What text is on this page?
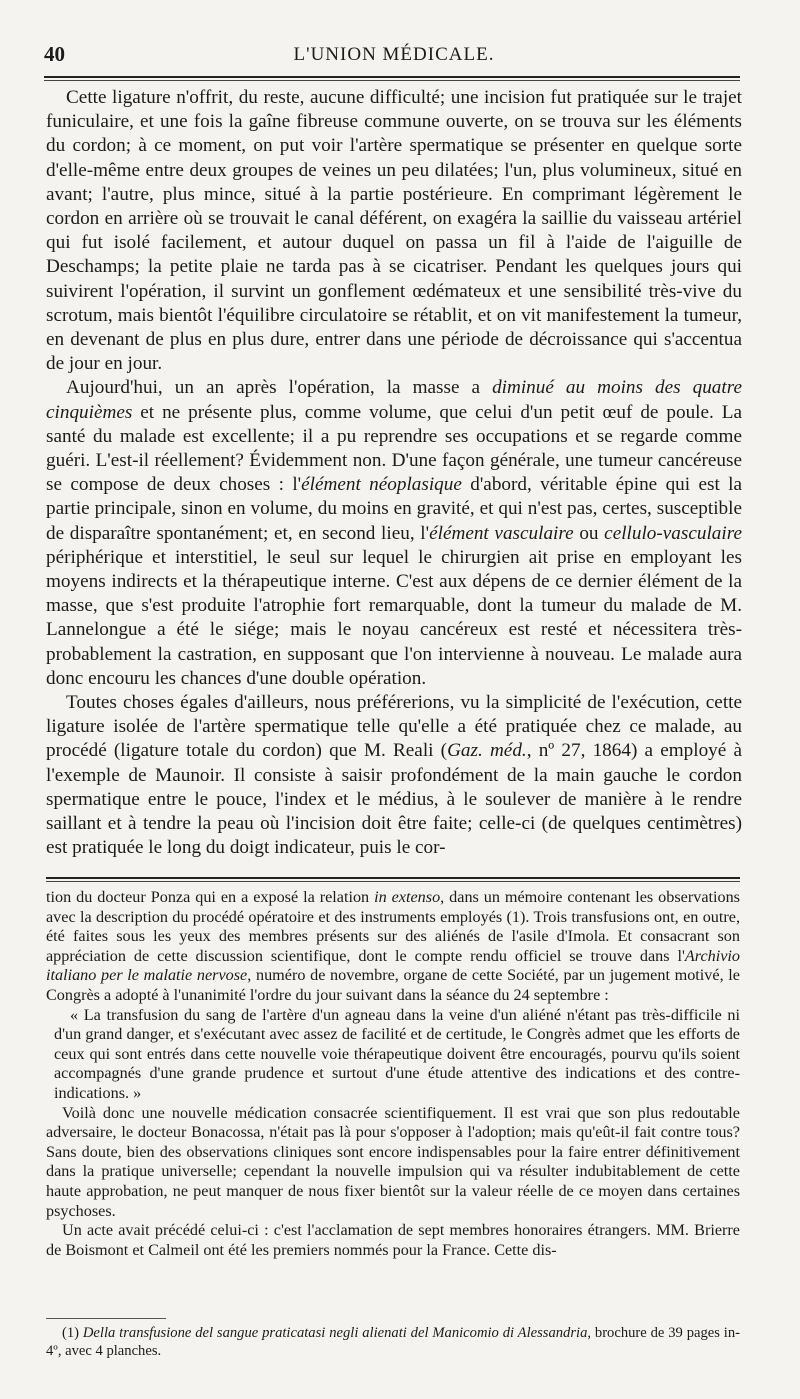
40	L'UNION MÉDICALE.

Cette ligature n'offrit, du reste, aucune difficulté; une incision fut pratiquée sur le trajet funiculaire, et une fois la gaîne fibreuse commune ouverte, on se trouva sur les éléments du cordon; à ce moment, on put voir l'artère spermatique se présenter en quelque sorte d'elle-même entre deux groupes de veines un peu dilatées; l'un, plus volumineux, situé en avant; l'autre, plus mince, situé à la partie postérieure. En comprimant légèrement le cordon en arrière où se trouvait le canal déférent, on exagéra la saillie du vaisseau artériel qui fut isolé facilement, et autour duquel on passa un fil à l'aide de l'aiguille de Deschamps; la petite plaie ne tarda pas à se cicatriser. Pendant les quelques jours qui suivirent l'opération, il survint un gonflement œdémateux et une sensibilité très-vive du scrotum, mais bientôt l'équilibre circulatoire se rétablit, et on vit manifestement la tumeur, en devenant de plus en plus dure, entrer dans une période de décroissance qui s'accentua de jour en jour.

Aujourd'hui, un an après l'opération, la masse a diminué au moins des quatre cinquièmes et ne présente plus, comme volume, que celui d'un petit œuf de poule. La santé du malade est excellente; il a pu reprendre ses occupations et se regarde comme guéri. L'est-il réellement? Évidemment non. D'une façon générale, une tumeur cancéreuse se compose de deux choses : l'élément néoplasique d'abord, véritable épine qui est la partie principale, sinon en volume, du moins en gravité, et qui n'est pas, certes, susceptible de disparaître spontanément; et, en second lieu, l'élément vasculaire ou cellulo-vasculaire périphérique et interstitiel, le seul sur lequel le chirurgien ait prise en employant les moyens indirects et la thérapeutique interne. C'est aux dépens de ce dernier élément de la masse, que s'est produite l'atrophie fort remarquable, dont la tumeur du malade de M. Lannelongue a été le siége; mais le noyau cancéreux est resté et nécessitera très-probablement la castration, en supposant que l'on intervienne à nouveau. Le malade aura donc encouru les chances d'une double opération.

Toutes choses égales d'ailleurs, nous préférerions, vu la simplicité de l'exécution, cette ligature isolée de l'artère spermatique telle qu'elle a été pratiquée chez ce malade, au procédé (ligature totale du cordon) que M. Reali (Gaz. méd., nº 27, 1864) a employé à l'exemple de Maunoir. Il consiste à saisir profondément de la main gauche le cordon spermatique entre le pouce, l'index et le médius, à le soulever de manière à le rendre saillant et à tendre la peau où l'incision doit être faite; celle-ci (de quelques centimètres) est pratiquée le long du doigt indicateur, puis le cor-

tion du docteur Ponza qui en a exposé la relation in extenso, dans un mémoire contenant les observations avec la description du procédé opératoire et des instruments employés (1). Trois transfusions ont, en outre, été faites sous les yeux des membres présents sur des aliénés de l'asile d'Imola. Et consacrant son appréciation de cette discussion scientifique, dont le compte rendu officiel se trouve dans l'Archivio italiano per le malatie nervose, numéro de novembre, organe de cette Société, par un jugement motivé, le Congrès a adopté à l'unanimité l'ordre du jour suivant dans la séance du 24 septembre :

« La transfusion du sang de l'artère d'un agneau dans la veine d'un aliéné n'étant pas très-difficile ni d'un grand danger, et s'exécutant avec assez de facilité et de certitude, le Congrès admet que les efforts de ceux qui sont entrés dans cette nouvelle voie thérapeutique doivent être encouragés, pourvu qu'ils soient accompagnés d'une grande prudence et surtout d'une étude attentive des indications et des contre-indications. »

Voilà donc une nouvelle médication consacrée scientifiquement. Il est vrai que son plus redoutable adversaire, le docteur Bonacossa, n'était pas là pour s'opposer à l'adoption; mais qu'eût-il fait contre tous? Sans doute, bien des observations cliniques sont encore indispensables pour la faire entrer définitivement dans la pratique universelle; cependant la nouvelle impulsion qui va résulter indubitablement de cette haute approbation, ne peut manquer de nous fixer bientôt sur la valeur réelle de ce moyen dans certaines psychoses.

Un acte avait précédé celui-ci : c'est l'acclamation de sept membres honoraires étrangers. MM. Brierre de Boismont et Calmeil ont été les premiers nommés pour la France. Cette dis-

(1) Della transfusione del sangue praticatasi negli alienati del Manicomio di Alessandria, brochure de 39 pages in-4º, avec 4 planches.
